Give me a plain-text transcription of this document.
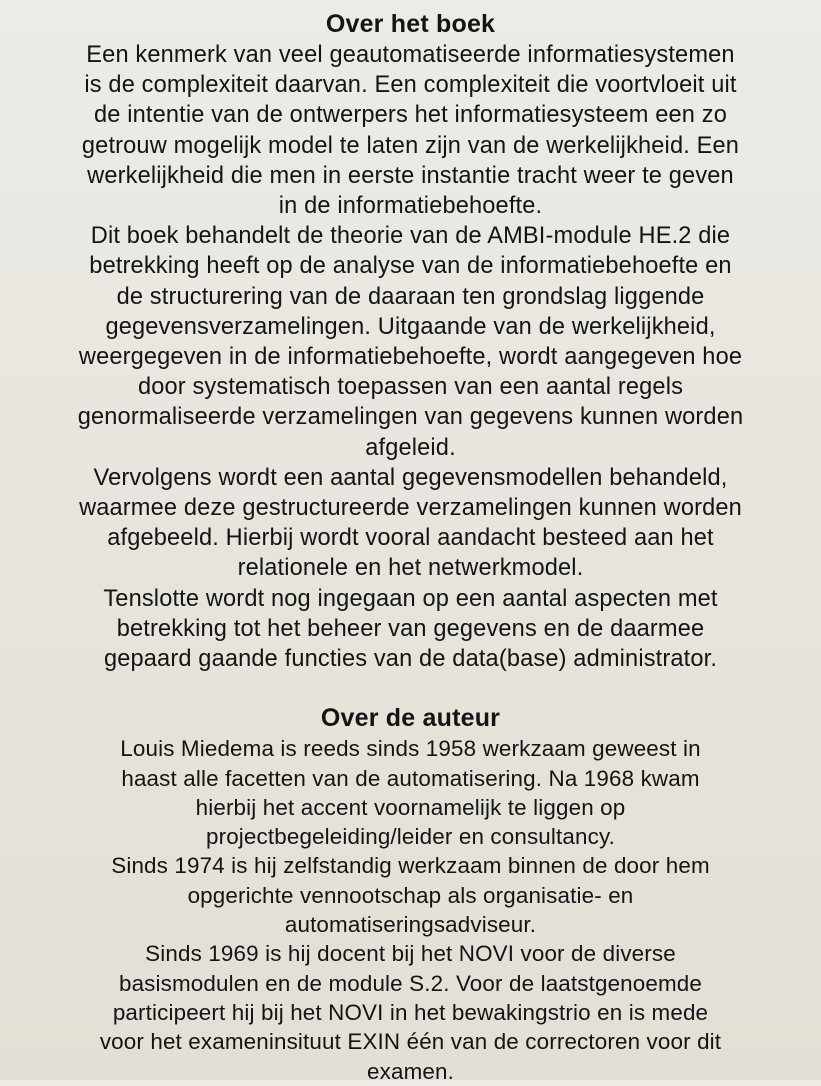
Over het boek
Een kenmerk van veel geautomatiseerde informatiesystemen
is de complexiteit daarvan. Een complexiteit die voortvloeit uit
de intentie van de ontwerpers het informatiesysteem een zo
getrouw mogelijk model te laten zijn van de werkelijkheid. Een
werkelijkheid die men in eerste instantie tracht weer te geven
in de informatiebehoefte.
Dit boek behandelt de theorie van de AMBI-module HE.2 die
betrekking heeft op de analyse van de informatiebehoefte en
de structurering van de daaraan ten grondslag liggende
gegevensverzamelingen. Uitgaande van de werkelijkheid,
weergegeven in de informatiebehoefte, wordt aangegeven hoe
door systematisch toepassen van een aantal regels
genormaliseerde verzamelingen van gegevens kunnen worden
afgeleid.
Vervolgens wordt een aantal gegevensmodellen behandeld,
waarmee deze gestructureerde verzamelingen kunnen worden
afgebeeld. Hierbij wordt vooral aandacht besteed aan het
relationele en het netwerkmodel.
Tenslotte wordt nog ingegaan op een aantal aspecten met
betrekking tot het beheer van gegevens en de daarmee
gepaard gaande functies van de data(base) administrator.
Over de auteur
Louis Miedema is reeds sinds 1958 werkzaam geweest in
haast alle facetten van de automatisering. Na 1968 kwam
hierbij het accent voornamelijk te liggen op
projectbegeleiding/leider en consultancy.
Sinds 1974 is hij zelfstandig werkzaam binnen de door hem
opgerichte vennootschap als organisatie- en
automatiseringsadviseur.
Sinds 1969 is hij docent bij het NOVI voor de diverse
basismodulen en de module S.2. Voor de laatstgenoemde
participeert hij bij het NOVI in het bewakingstrio en is mede
voor het exameninsituut EXIN één van de correctoren voor dit
examen.
